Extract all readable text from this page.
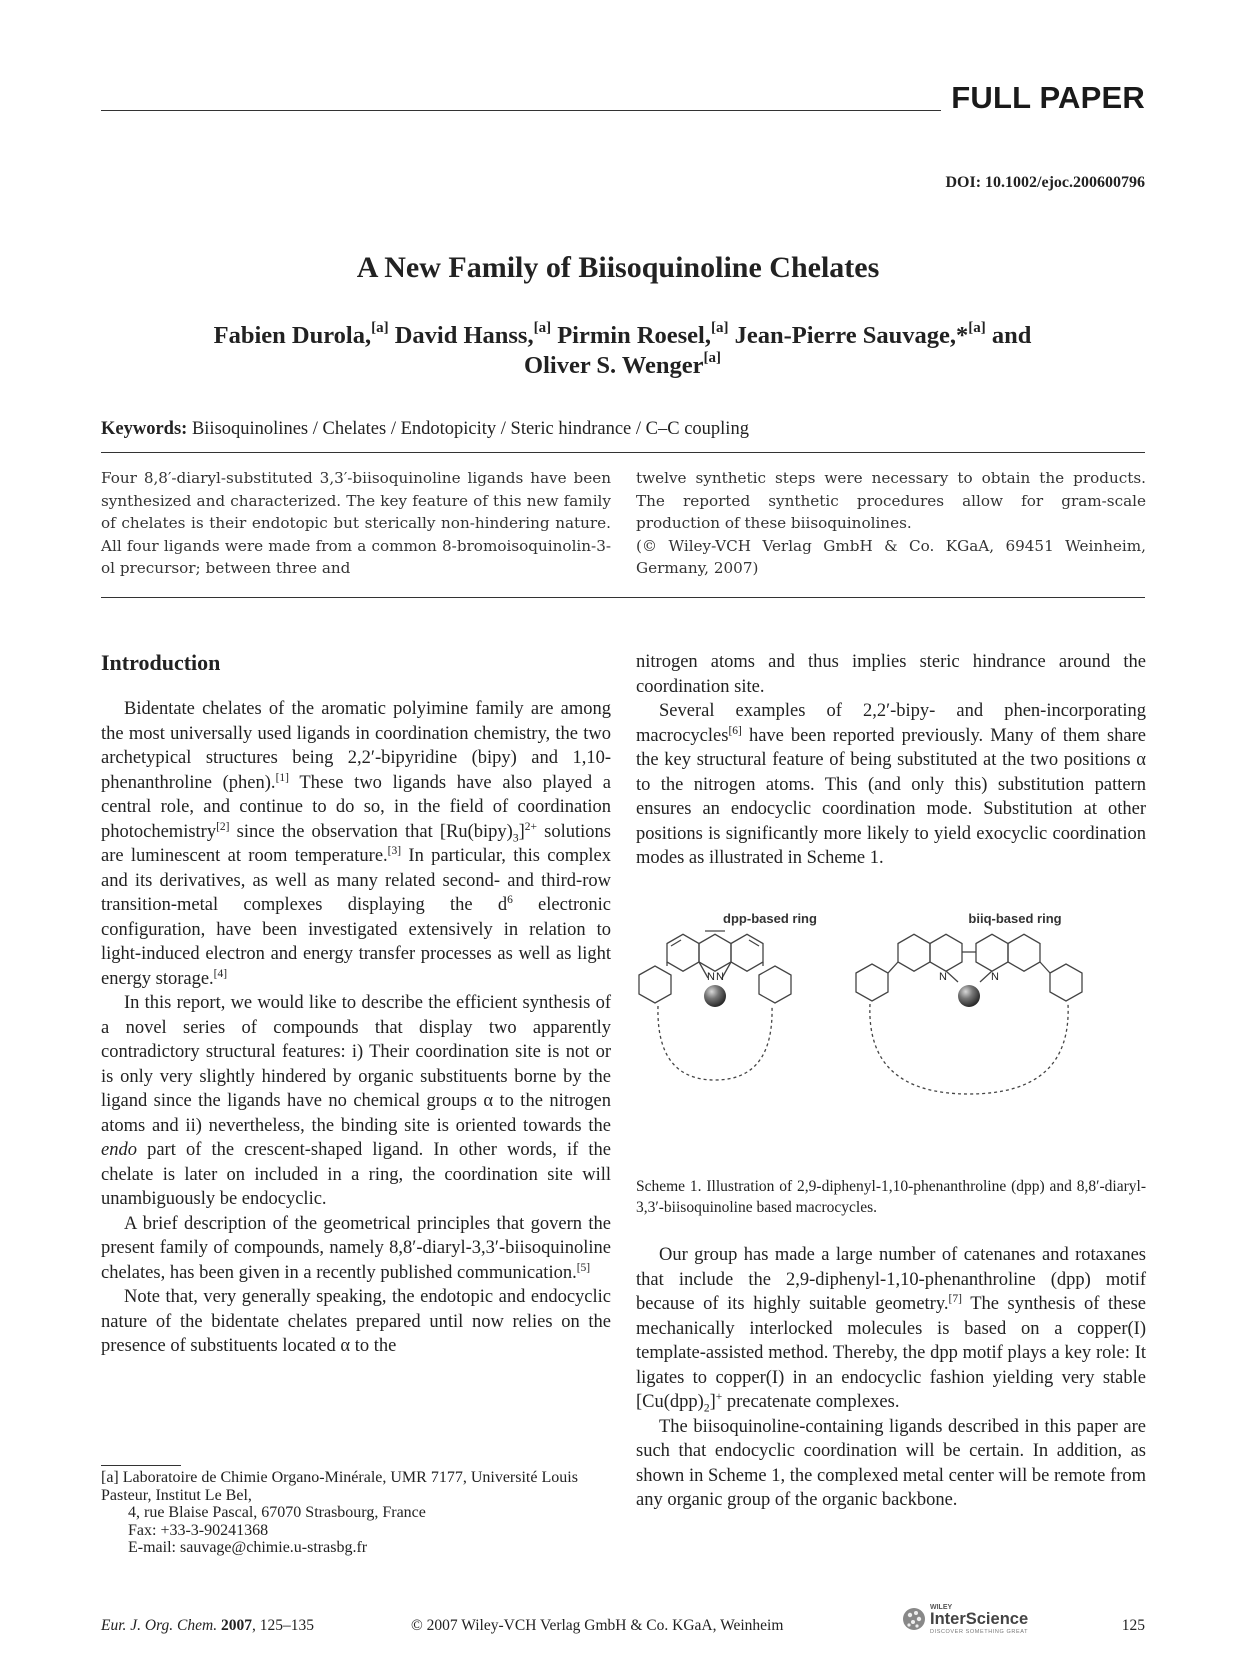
FULL PAPER
DOI: 10.1002/ejoc.200600796
A New Family of Biisoquinoline Chelates
Fabien Durola,[a] David Hanss,[a] Pirmin Roesel,[a] Jean-Pierre Sauvage,*[a] and
Oliver S. Wenger[a]
Keywords: Biisoquinolines / Chelates / Endotopicity / Steric hindrance / C–C coupling
Four 8,8′-diaryl-substituted 3,3′-biisoquinoline ligands have been synthesized and characterized. The key feature of this new family of chelates is their endotopic but sterically non-hindering nature. All four ligands were made from a common 8-bromoisoquinolin-3-ol precursor; between three and
twelve synthetic steps were necessary to obtain the products. The reported synthetic procedures allow for gram-scale production of these biisoquinolines.
(© Wiley-VCH Verlag GmbH & Co. KGaA, 69451 Weinheim, Germany, 2007)
Introduction

Bidentate chelates of the aromatic polyimine family are among the most universally used ligands in coordination chemistry, the two archetypical structures being 2,2′-bipyridine (bipy) and 1,10-phenanthroline (phen).[1] These two ligands have also played a central role, and continue to do so, in the field of coordination photochemistry[2] since the observation that $[Ru(bipy)_3]^{2+}$ solutions are luminescent at room temperature.[3] In particular, this complex and its derivatives, as well as many related second- and third-row transition-metal complexes displaying the $d^6$ electronic configuration, have been investigated extensively in relation to light-induced electron and energy transfer processes as well as light energy storage.[4]

In this report, we would like to describe the efficient synthesis of a novel series of compounds that display two apparently contradictory structural features: i) Their coordination site is not or is only very slightly hindered by organic substituents borne by the ligand since the ligands have no chemical groups α to the nitrogen atoms and ii) nevertheless, the binding site is oriented towards the endo part of the crescent-shaped ligand. In other words, if the chelate is later on included in a ring, the coordination site will unambiguously be endocyclic.

A brief description of the geometrical principles that govern the present family of compounds, namely 8,8′-diaryl-3,3′-biisoquinoline chelates, has been given in a recently published communication.[5]

Note that, very generally speaking, the endotopic and endocyclic nature of the bidentate chelates prepared until now relies on the presence of substituents located α to the

nitrogen atoms and thus implies steric hindrance around the coordination site.

Several examples of 2,2′-bipy- and phen-incorporating macrocycles[6] have been reported previously. Many of them share the key structural feature of being substituted at the two positions α to the nitrogen atoms. This (and only this) substitution pattern ensures an endocyclic coordination mode. Substitution at other positions is significantly more likely to yield exocyclic coordination modes as illustrated in Scheme 1.

dpp-based ring	biiq-based ring
N N	N	N
Scheme 1. Illustration of 2,9-diphenyl-1,10-phenanthroline (dpp) and 8,8′-diaryl-3,3′-biisoquinoline based macrocycles.

Our group has made a large number of catenanes and rotaxanes that include the 2,9-diphenyl-1,10-phenanthroline (dpp) motif because of its highly suitable geometry.[7] The synthesis of these mechanically interlocked molecules is based on a copper(I) template-assisted method. Thereby, the dpp motif plays a key role: It ligates to copper(I) in an endocyclic fashion yielding very stable $[Cu(dpp)_2]^+$ precatenate complexes.

The biisoquinoline-containing ligands described in this paper are such that endocyclic coordination will be certain. In addition, as shown in Scheme 1, the complexed metal center will be remote from any organic group of the organic backbone.

[a] Laboratoire de Chimie Organo-Minérale, UMR 7177, Université Louis Pasteur, Institut Le Bel,
4, rue Blaise Pascal, 67070 Strasbourg, France
Fax: +33-3-90241368
E-mail: sauvage@chimie.u-strasbg.fr
Eur. J. Org. Chem. 2007, 125–135	© 2007 Wiley-VCH Verlag GmbH & Co. KGaA, Weinheim
WILEY
InterScience
DISCOVER SOMETHING GREAT	125
